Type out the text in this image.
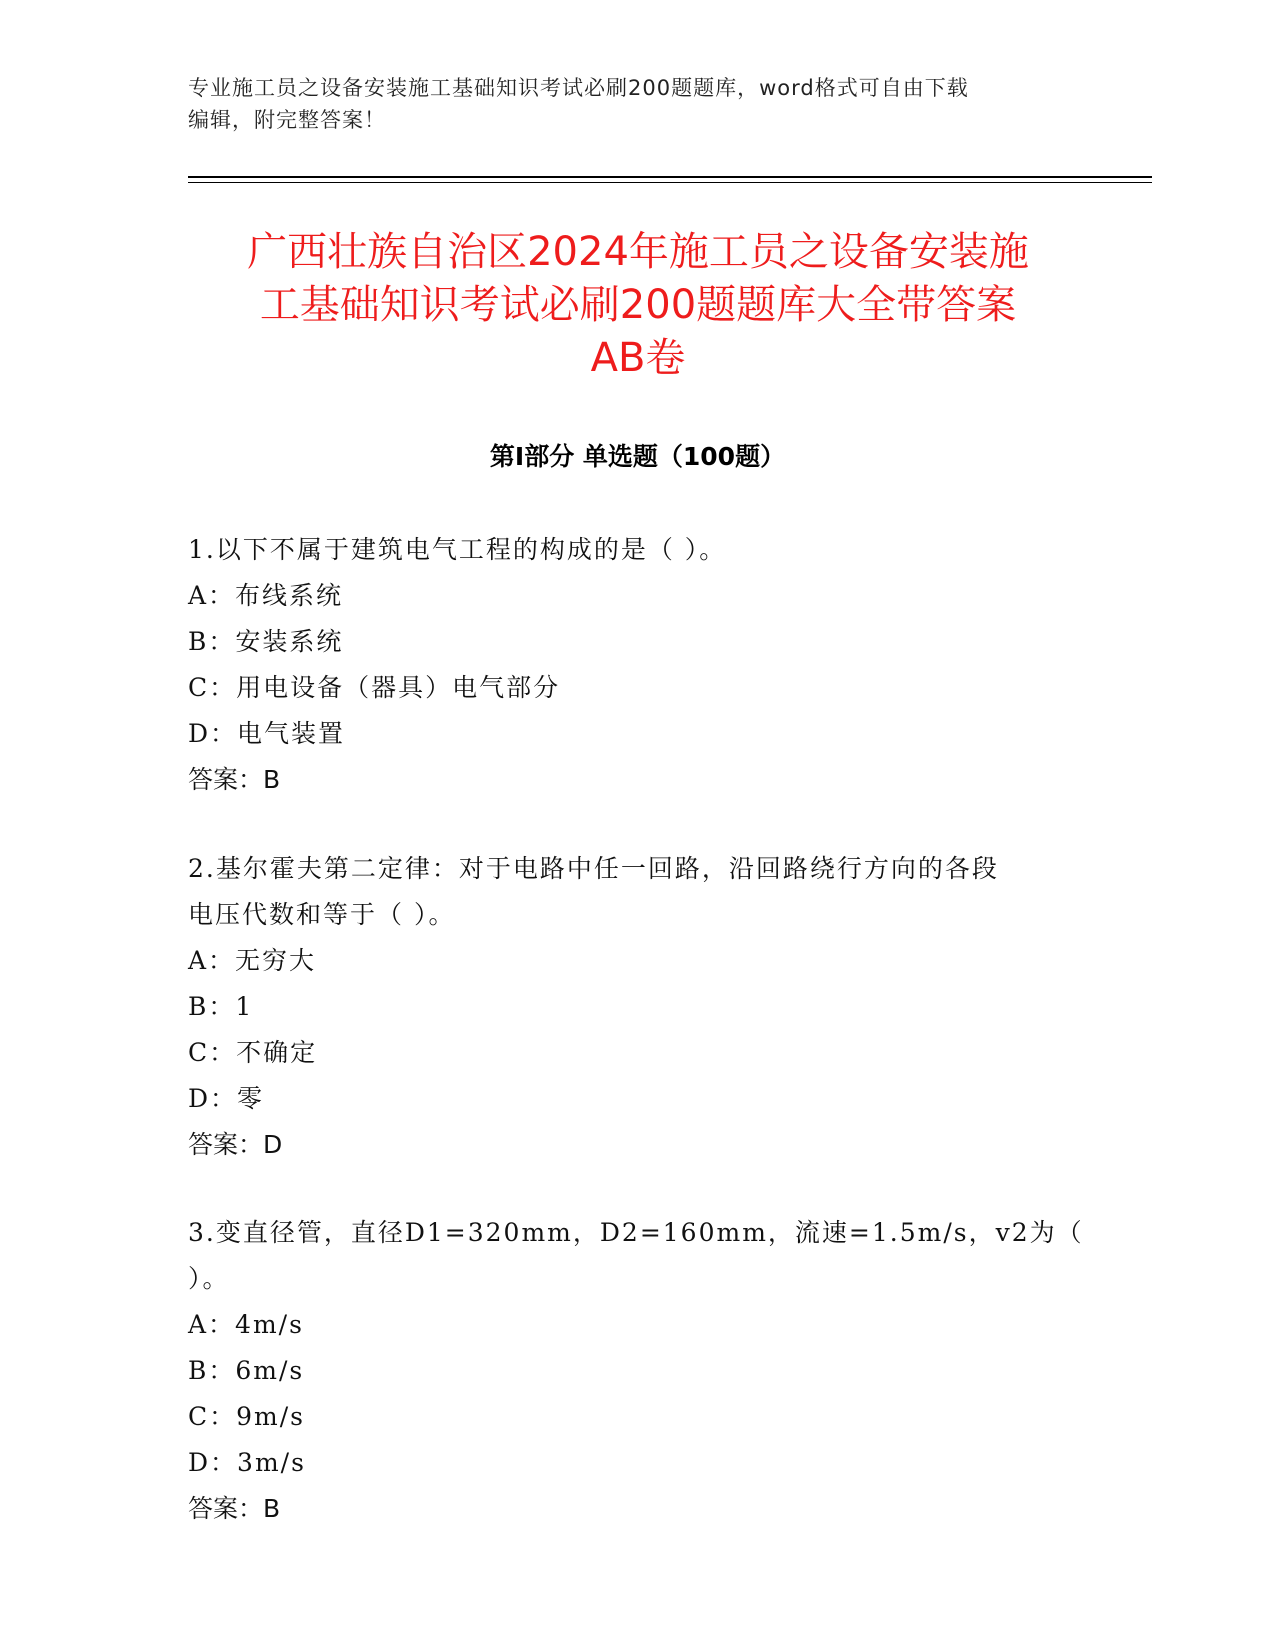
专业施工员之设备安装施工基础知识考试必刷200题题库，word格式可自由下载
编辑，附完整答案！

广西壮族自治区2024年施工员之设备安装施
工基础知识考试必刷200题题库大全带答案
AB卷
第I部分 单选题（100题）

1.以下不属于建筑电气工程的构成的是（ ）。

A：布线系统

B：安装系统

C：用电设备（器具）电气部分

D：电气装置

答案：B

2.基尔霍夫第二定律：对于电路中任一回路，沿回路绕行方向的各段
电压代数和等于（ ）。

A：无穷大

B：1

C：不确定

D：零

答案：D

3.变直径管，直径D1=320mm，D2=160mm，流速=1.5m/s，v2为（ ）。

A：4m/s

B：6m/s

C：9m/s

D：3m/s

答案：B
